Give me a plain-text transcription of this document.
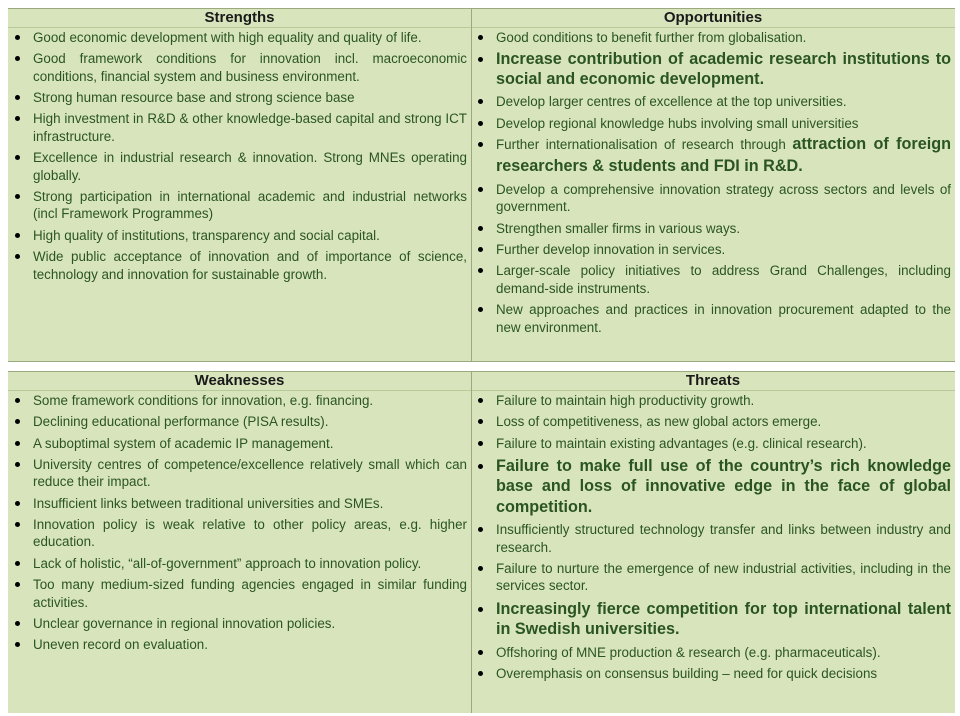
Strengths
Good economic development with high equality and quality of life.
Good framework conditions for innovation incl. macroeconomic conditions, financial system and business environment.
Strong human resource base and strong science base
High investment in R&D & other knowledge-based capital and strong ICT infrastructure.
Excellence in industrial research & innovation. Strong MNEs operating globally.
Strong participation in international academic and industrial networks (incl Framework Programmes)
High quality of institutions, transparency and social capital.
Wide public acceptance of innovation and of importance of science, technology and innovation for sustainable growth.
Opportunities
Good conditions to benefit further from globalisation.
Increase contribution of academic research institutions to social and economic development.
Develop larger centres of excellence at the top universities.
Develop regional knowledge hubs involving small universities
Further internationalisation of research through attraction of foreign researchers & students and FDI in R&D.
Develop a comprehensive innovation strategy across sectors and levels of government.
Strengthen smaller firms in various ways.
Further develop innovation in services.
Larger-scale policy initiatives to address Grand Challenges, including demand-side instruments.
New approaches and practices in innovation procurement adapted to the new environment.
Weaknesses
Some framework conditions for innovation, e.g. financing.
Declining educational performance (PISA results).
A suboptimal system of academic IP management.
University centres of competence/excellence relatively small which can reduce their impact.
Insufficient links between traditional universities and SMEs.
Innovation policy is weak relative to other policy areas, e.g. higher education.
Lack of holistic, “all-of-government” approach to innovation policy.
Too many medium-sized funding agencies engaged in similar funding activities.
Unclear governance in regional innovation policies.
Uneven record on evaluation.
Threats
Failure to maintain high productivity growth.
Loss of competitiveness, as new global actors emerge.
Failure to maintain existing advantages (e.g. clinical research).
Failure to make full use of the country’s rich knowledge base and loss of innovative edge in the face of global competition.
Insufficiently structured technology transfer and links between industry and research.
Failure to nurture the emergence of new industrial activities, including in the services sector.
Increasingly fierce competition for top international talent in Swedish universities.
Offshoring of MNE production & research (e.g. pharmaceuticals).
Overemphasis on consensus building – need for quick decisions
